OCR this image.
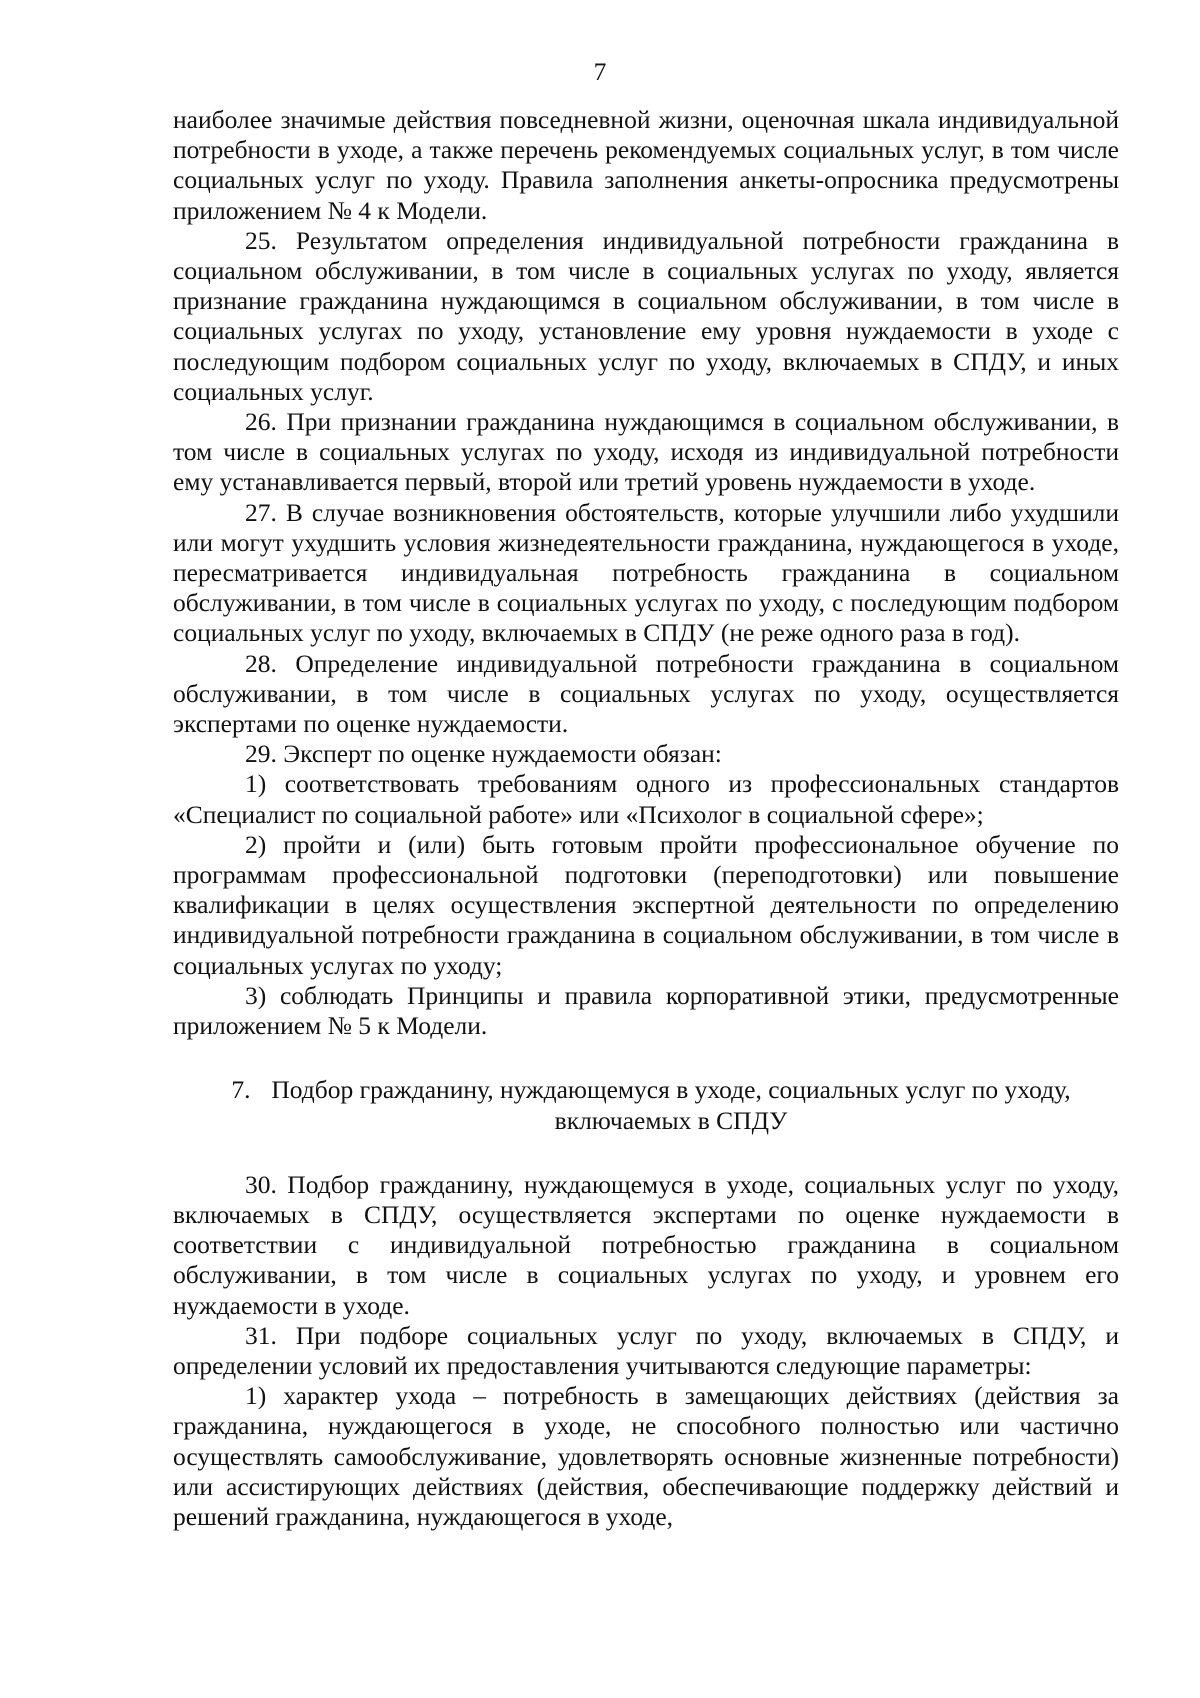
7

наиболее значимые действия повседневной жизни, оценочная шкала индивидуальной потребности в уходе, а также перечень рекомендуемых социальных услуг, в том числе социальных услуг по уходу. Правила заполнения анкеты-опросника предусмотрены приложением № 4 к Модели.

25. Результатом определения индивидуальной потребности гражданина в социальном обслуживании, в том числе в социальных услугах по уходу, является признание гражданина нуждающимся в социальном обслуживании, в том числе в социальных услугах по уходу, установление ему уровня нуждаемости в уходе с последующим подбором социальных услуг по уходу, включаемых в СПДУ, и иных социальных услуг.

26. При признании гражданина нуждающимся в социальном обслуживании, в том числе в социальных услугах по уходу, исходя из индивидуальной потребности ему устанавливается первый, второй или третий уровень нуждаемости в уходе.

27. В случае возникновения обстоятельств, которые улучшили либо ухудшили или могут ухудшить условия жизнедеятельности гражданина, нуждающегося в уходе, пересматривается индивидуальная потребность гражданина в социальном обслуживании, в том числе в социальных услугах по уходу, с последующим подбором социальных услуг по уходу, включаемых в СПДУ (не реже одного раза в год).

28. Определение индивидуальной потребности гражданина в социальном обслуживании, в том числе в социальных услугах по уходу, осуществляется экспертами по оценке нуждаемости.

29. Эксперт по оценке нуждаемости обязан:

1) соответствовать требованиям одного из профессиональных стандартов «Специалист по социальной работе» или «Психолог в социальной сфере»;

2) пройти и (или) быть готовым пройти профессиональное обучение по программам профессиональной подготовки (переподготовки) или повышение квалификации в целях осуществления экспертной деятельности по определению индивидуальной потребности гражданина в социальном обслуживании, в том числе в социальных услугах по уходу;

3) соблюдать Принципы и правила корпоративной этики, предусмотренные приложением № 5 к Модели.

7. Подбор гражданину, нуждающемуся в уходе, социальных услуг по уходу, включаемых в СПДУ

30. Подбор гражданину, нуждающемуся в уходе, социальных услуг по уходу, включаемых в СПДУ, осуществляется экспертами по оценке нуждаемости в соответствии с индивидуальной потребностью гражданина в социальном обслуживании, в том числе в социальных услугах по уходу, и уровнем его нуждаемости в уходе.

31. При подборе социальных услуг по уходу, включаемых в СПДУ, и определении условий их предоставления учитываются следующие параметры:

1) характер ухода – потребность в замещающих действиях (действия за гражданина, нуждающегося в уходе, не способного полностью или частично осуществлять самообслуживание, удовлетворять основные жизненные потребности) или ассистирующих действиях (действия, обеспечивающие поддержку действий и решений гражданина, нуждающегося в уходе,
